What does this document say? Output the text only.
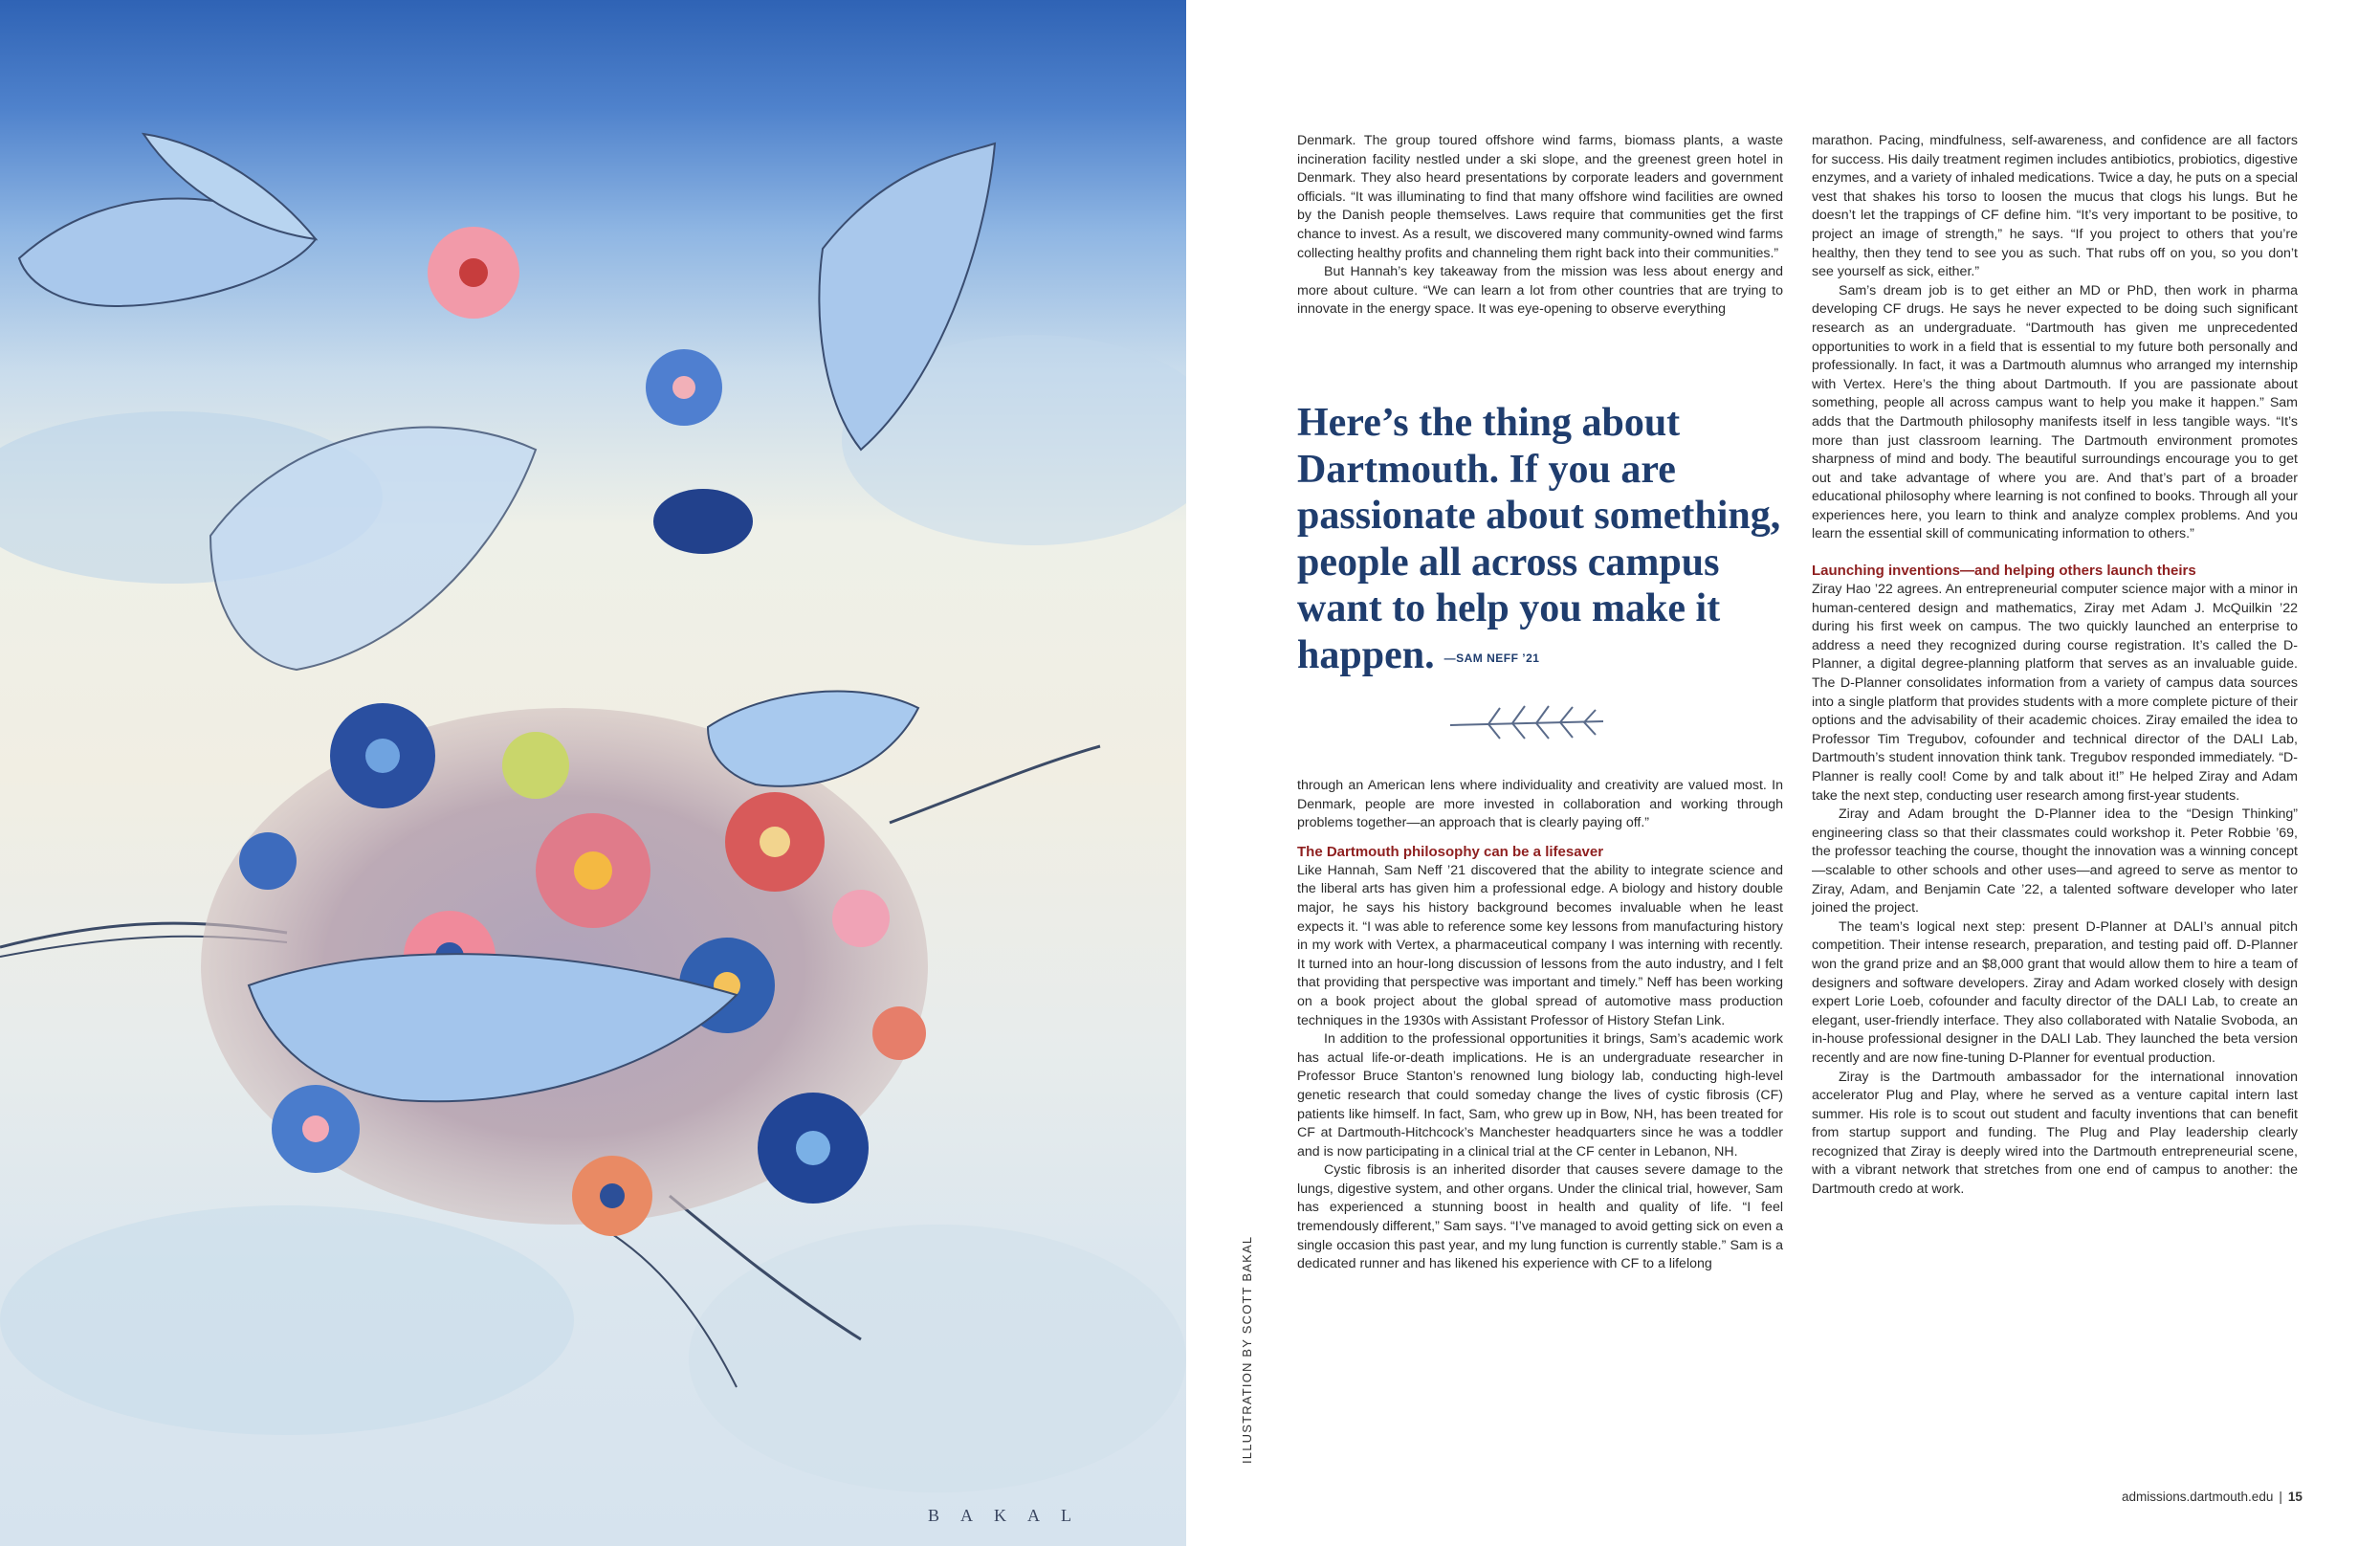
BAKAL
ILLUSTRATION BY SCOTT BAKAL

Denmark. The group toured offshore wind farms, biomass plants, a waste incineration facility nestled under a ski slope, and the greenest green hotel in Denmark. They also heard presentations by corporate leaders and government officials. “It was illuminating to find that many offshore wind facilities are owned by the Danish people themselves. Laws require that communities get the first chance to invest. As a result, we discovered many community-owned wind farms collecting healthy profits and channeling them right back into their communities.”

But Hannah’s key takeaway from the mission was less about energy and more about culture. “We can learn a lot from other countries that are trying to innovate in the energy space. It was eye-opening to observe everything

Here’s the thing about Dartmouth. If you are passionate about something, people all across campus want to help you make it happen. —SAM NEFF ’21

through an American lens where individuality and creativity are valued most. In Denmark, people are more invested in collaboration and working through problems together—an approach that is clearly paying off.”

The Dartmouth philosophy can be a lifesaver

Like Hannah, Sam Neff ’21 discovered that the ability to integrate science and the liberal arts has given him a professional edge. A biology and history double major, he says his history background becomes invaluable when he least expects it. “I was able to reference some key lessons from manufacturing history in my work with Vertex, a pharmaceutical company I was interning with recently. It turned into an hour-long discussion of lessons from the auto industry, and I felt that providing that perspective was important and timely.” Neff has been working on a book project about the global spread of automotive mass production techniques in the 1930s with Assistant Professor of History Stefan Link.

In addition to the professional opportunities it brings, Sam’s academic work has actual life-or-death implications. He is an undergraduate researcher in Professor Bruce Stanton’s renowned lung biology lab, conducting high-level genetic research that could someday change the lives of cystic fibrosis (CF) patients like himself. In fact, Sam, who grew up in Bow, NH, has been treated for CF at Dartmouth-Hitchcock’s Manchester headquarters since he was a toddler and is now participating in a clinical trial at the CF center in Lebanon, NH.

Cystic fibrosis is an inherited disorder that causes severe damage to the lungs, digestive system, and other organs. Under the clinical trial, however, Sam has experienced a stunning boost in health and quality of life. “I feel tremendously different,” Sam says. “I’ve managed to avoid getting sick on even a single occasion this past year, and my lung function is currently stable.” Sam is a dedicated runner and has likened his experience with CF to a lifelong

marathon. Pacing, mindfulness, self-awareness, and confidence are all factors for success. His daily treatment regimen includes antibiotics, probiotics, digestive enzymes, and a variety of inhaled medications. Twice a day, he puts on a special vest that shakes his torso to loosen the mucus that clogs his lungs. But he doesn’t let the trappings of CF define him. “It’s very important to be positive, to project an image of strength,” he says. “If you project to others that you’re healthy, then they tend to see you as such. That rubs off on you, so you don’t see yourself as sick, either.”

Sam’s dream job is to get either an MD or PhD, then work in pharma developing CF drugs. He says he never expected to be doing such significant research as an undergraduate. “Dartmouth has given me unprecedented opportunities to work in a field that is essential to my future both personally and professionally. In fact, it was a Dartmouth alumnus who arranged my internship with Vertex. Here’s the thing about Dartmouth. If you are passionate about something, people all across campus want to help you make it happen.” Sam adds that the Dartmouth philosophy manifests itself in less tangible ways. “It’s more than just classroom learning. The Dartmouth environment promotes sharpness of mind and body. The beautiful surroundings encourage you to get out and take advantage of where you are. And that’s part of a broader educational philosophy where learning is not confined to books. Through all your experiences here, you learn to think and analyze complex problems. And you learn the essential skill of communicating information to others.”

Launching inventions—and helping others launch theirs

Ziray Hao ’22 agrees. An entrepreneurial computer science major with a minor in human-centered design and mathematics, Ziray met Adam J. McQuilkin ’22 during his first week on campus. The two quickly launched an enterprise to address a need they recognized during course registration. It’s called the D-Planner, a digital degree-planning platform that serves as an invaluable guide. The D-Planner consolidates information from a variety of campus data sources into a single platform that provides students with a more complete picture of their options and the advisability of their academic choices. Ziray emailed the idea to Professor Tim Tregubov, cofounder and technical director of the DALI Lab, Dartmouth’s student innovation think tank. Tregubov responded immediately. “D-Planner is really cool! Come by and talk about it!” He helped Ziray and Adam take the next step, conducting user research among first-year students.

Ziray and Adam brought the D-Planner idea to the “Design Thinking” engineering class so that their classmates could workshop it. Peter Robbie ’69, the professor teaching the course, thought the innovation was a winning concept—scalable to other schools and other uses—and agreed to serve as mentor to Ziray, Adam, and Benjamin Cate ’22, a talented software developer who later joined the project.

The team’s logical next step: present D-Planner at DALI’s annual pitch competition. Their intense research, preparation, and testing paid off. D-Planner won the grand prize and an $8,000 grant that would allow them to hire a team of designers and software developers. Ziray and Adam worked closely with design expert Lorie Loeb, cofounder and faculty director of the DALI Lab, to create an elegant, user-friendly interface. They also collaborated with Natalie Svoboda, an in-house professional designer in the DALI Lab. They launched the beta version recently and are now fine-tuning D-Planner for eventual production.

Ziray is the Dartmouth ambassador for the international innovation accelerator Plug and Play, where he served as a venture capital intern last summer. His role is to scout out student and faculty inventions that can benefit from startup support and funding. The Plug and Play leadership clearly recognized that Ziray is deeply wired into the Dartmouth entrepreneurial scene, with a vibrant network that stretches from one end of campus to another: the Dartmouth credo at work.

admissions.dartmouth.edu | 15
